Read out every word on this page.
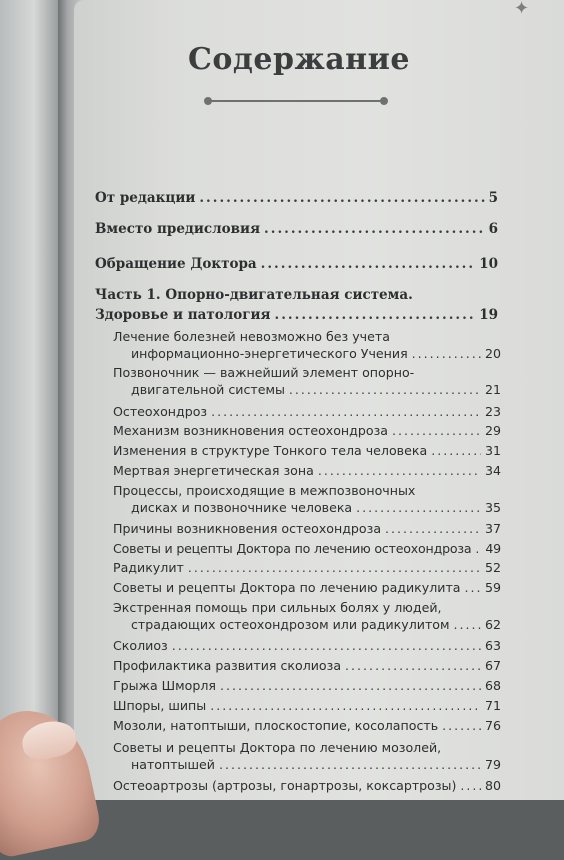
✦
Содержание
От редакции .....	5
Вместо предисловия .....	6
Обращение Доктора .....	10
Часть 1. Опорно-двигательная система.
Здоровье и патология .....	19
Лечение болезней невозможно без учета
информационно-энергетического Учения .....	20
Позвоночник — важнейший элемент опорно-
двигательной системы .....	21
Остеохондроз .....	23
Механизм возникновения остеохондроза .....	29
Изменения в структуре Тонкого тела человека .....	31
Мертвая энергетическая зона .....	34
Процессы, происходящие в межпозвоночных
дисках и позвоночнике человека .....	35
Причины возникновения остеохондроза .....	37
Советы и рецепты Доктора по лечению остеохондроза ..... 49
Радикулит .....	52
Советы и рецепты Доктора по лечению радикулита ..... 59
Экстренная помощь при сильных болях у людей,
страдающих остеохондрозом или радикулитом .....	62
Сколиоз .....	63
Профилактика развития сколиоза .....	67
Грыжа Шморля .....	68
Шпоры, шипы .....	71
Мозоли, натоптыши, плоскостопие, косолапость .....	76
Советы и рецепты Доктора по лечению мозолей,
натоптышей .....	79
Остеоартрозы (артрозы, гонартрозы, коксартрозы) ..... 80
